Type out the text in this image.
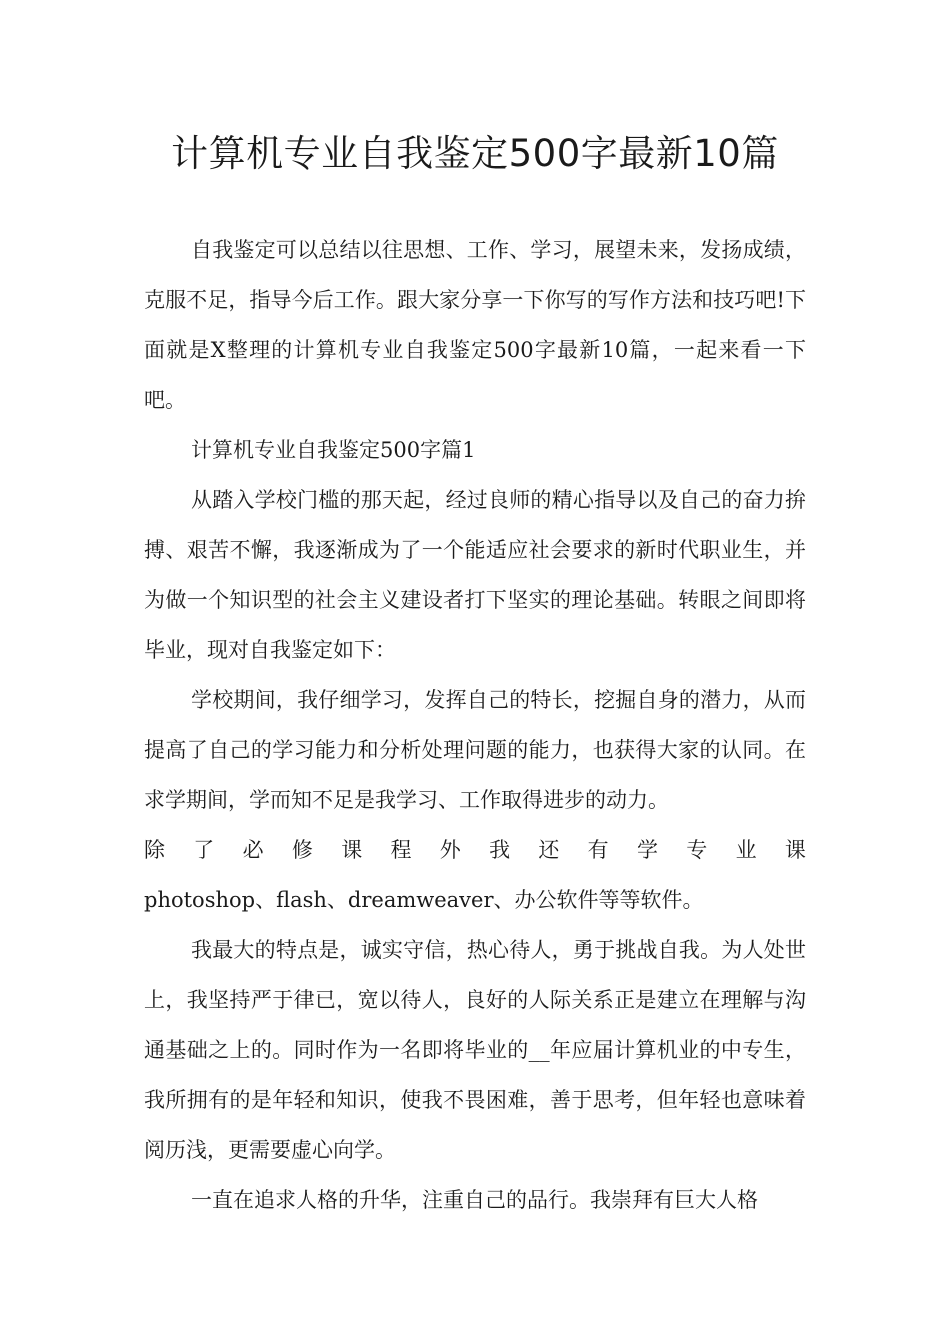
计算机专业自我鉴定500字最新10篇

自我鉴定可以总结以往思想、工作、学习，展望未来，发扬成绩，克服不足，指导今后工作。跟大家分享一下你写的写作方法和技巧吧!下面就是X整理的计算机专业自我鉴定500字最新10篇，一起来看一下吧。

计算机专业自我鉴定500字篇1

从踏入学校门槛的那天起，经过良师的精心指导以及自己的奋力拚搏、艰苦不懈，我逐渐成为了一个能适应社会要求的新时代职业生，并为做一个知识型的社会主义建设者打下坚实的理论基础。转眼之间即将毕业，现对自我鉴定如下：

学校期间，我仔细学习，发挥自己的特长，挖掘自身的潜力，从而提高了自己的学习能力和分析处理问题的能力，也获得大家的认同。在求学期间，学而知不足是我学习、工作取得进步的动力。

除 了 必 修 课 程 外 我 还 有 学 专 业 课

photoshop、flash、dreamweaver、办公软件等等软件。

我最大的特点是，诚实守信，热心待人，勇于挑战自我。为人处世上，我坚持严于律已，宽以待人，良好的人际关系正是建立在理解与沟通基础之上的。同时作为一名即将毕业的__年应届计算机业的中专生，我所拥有的是年轻和知识，使我不畏困难，善于思考，但年轻也意味着阅历浅，更需要虚心向学。

一直在追求人格的升华，注重自己的品行。我崇拜有巨大人格
